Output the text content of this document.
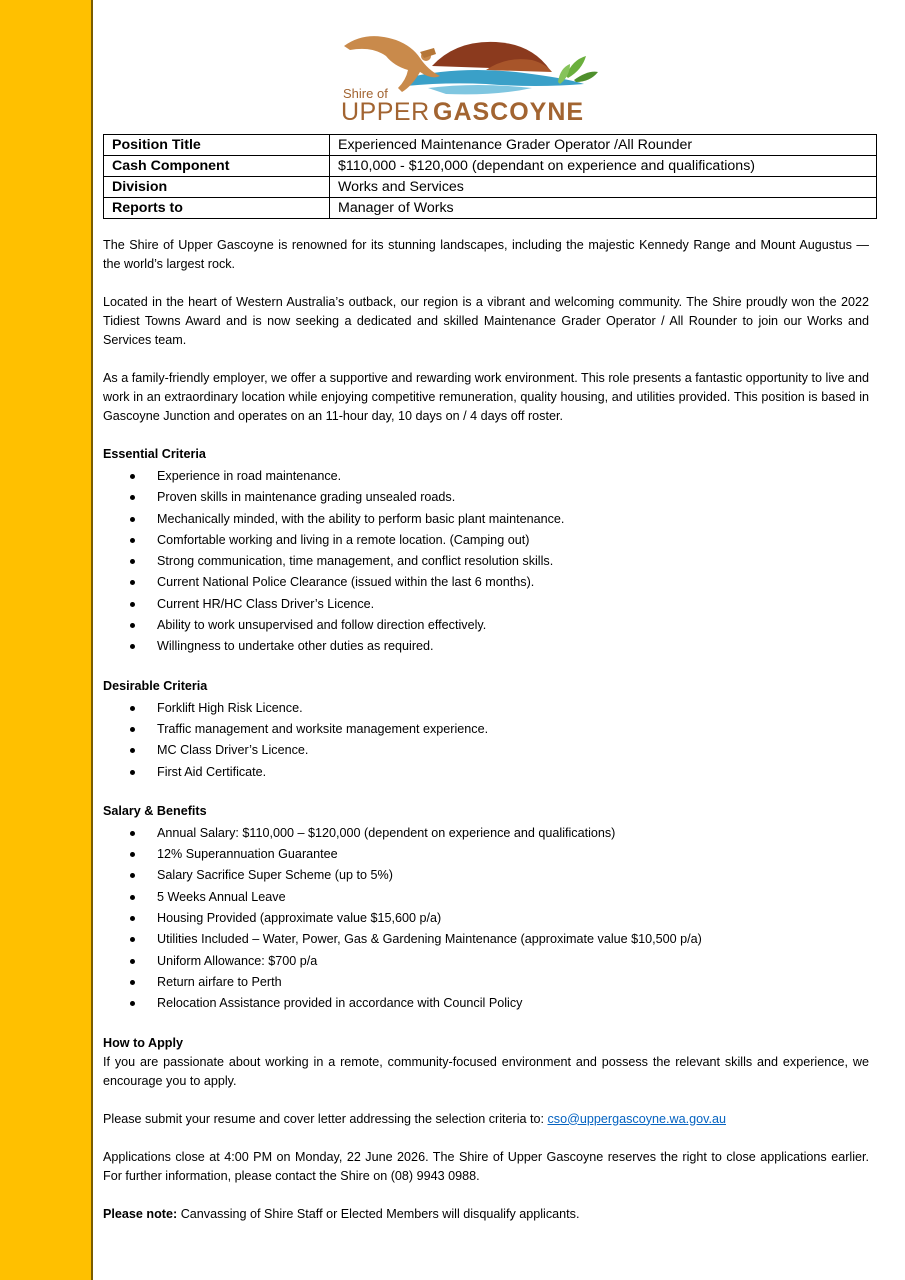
Shire of
UPPER GASCOYNE
Position Title	Experienced Maintenance Grader Operator /All Rounder
Cash Component	$110,000 - $120,000 (dependant on experience and qualifications)
Division	Works and Services
Reports to	Manager of Works

The Shire of Upper Gascoyne is renowned for its stunning landscapes, including the majestic Kennedy Range and Mount Augustus — the world’s largest rock.

Located in the heart of Western Australia’s outback, our region is a vibrant and welcoming community. The Shire proudly won the 2022 Tidiest Towns Award and is now seeking a dedicated and skilled Maintenance Grader Operator / All Rounder to join our Works and Services team.

As a family-friendly employer, we offer a supportive and rewarding work environment. This role presents a fantastic opportunity to live and work in an extraordinary location while enjoying competitive remuneration, quality housing, and utilities provided. This position is based in Gascoyne Junction and operates on an 11-hour day, 10 days on / 4 days off roster.

Essential Criteria
Experience in road maintenance.
Proven skills in maintenance grading unsealed roads.
Mechanically minded, with the ability to perform basic plant maintenance.
Comfortable working and living in a remote location. (Camping out)
Strong communication, time management, and conflict resolution skills.
Current National Police Clearance (issued within the last 6 months).
Current HR/HC Class Driver’s Licence.
Ability to work unsupervised and follow direction effectively.
Willingness to undertake other duties as required.
Desirable Criteria
Forklift High Risk Licence.
Traffic management and worksite management experience.
MC Class Driver’s Licence.
First Aid Certificate.
Salary & Benefits
Annual Salary: $110,000 – $120,000 (dependent on experience and qualifications)
12% Superannuation Guarantee
Salary Sacrifice Super Scheme (up to 5%)
5 Weeks Annual Leave
Housing Provided (approximate value $15,600 p/a)
Utilities Included – Water, Power, Gas & Gardening Maintenance (approximate value $10,500 p/a)
Uniform Allowance: $700 p/a
Return airfare to Perth
Relocation Assistance provided in accordance with Council Policy
How to Apply

If you are passionate about working in a remote, community-focused environment and possess the relevant skills and experience, we encourage you to apply.

Please submit your resume and cover letter addressing the selection criteria to: cso@uppergascoyne.wa.gov.au

Applications close at 4:00 PM on Monday, 22 June 2026. The Shire of Upper Gascoyne reserves the right to close applications earlier. For further information, please contact the Shire on (08) 9943 0988.

Please note: Canvassing of Shire Staff or Elected Members will disqualify applicants.
